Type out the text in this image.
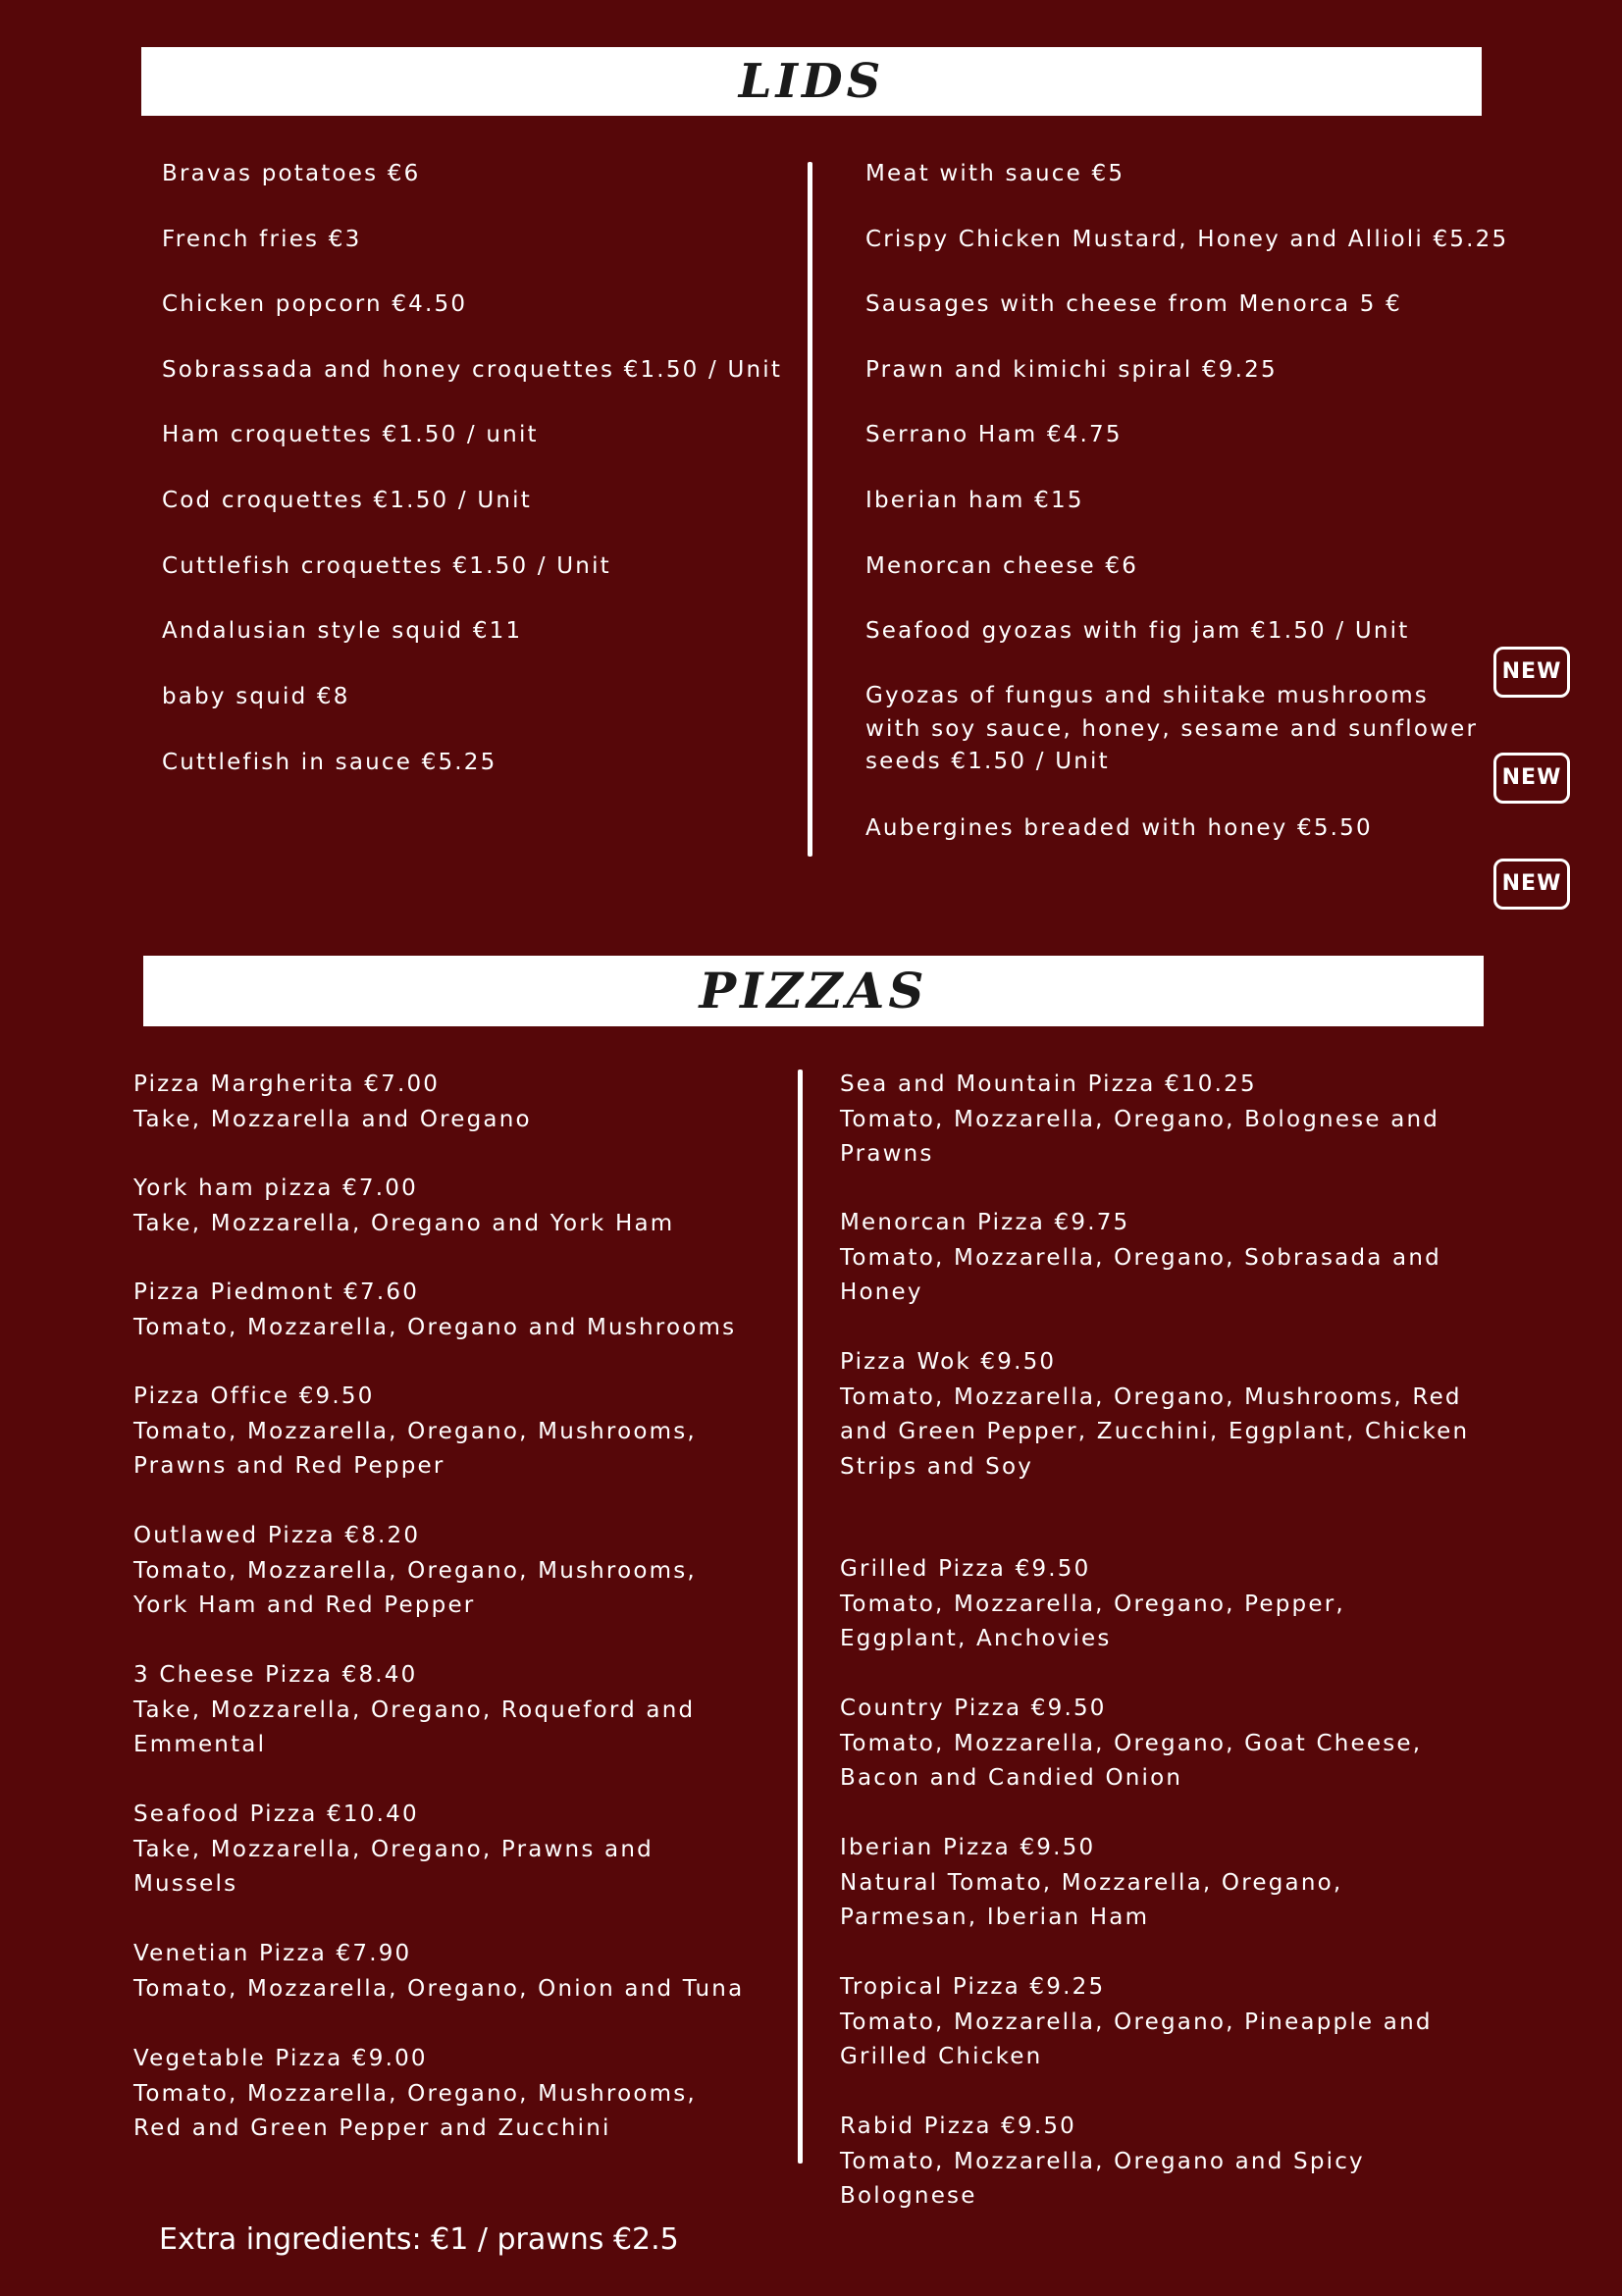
LIDS
Bravas potatoes €6
French fries €3
Chicken popcorn €4.50
Sobrassada and honey croquettes €1.50 / Unit
Ham croquettes €1.50 / unit
Cod croquettes €1.50 / Unit
Cuttlefish croquettes €1.50 / Unit
Andalusian style squid €11
baby squid €8
Cuttlefish in sauce €5.25
Meat with sauce €5
Crispy Chicken Mustard, Honey and Allioli €5.25
Sausages with cheese from Menorca 5 €
Prawn and kimichi spiral €9.25
Serrano Ham €4.75
Iberian ham €15
Menorcan cheese €6
Seafood gyozas with fig jam €1.50 / Unit
Gyozas of fungus and shiitake mushrooms with soy sauce, honey, sesame and sunflower seeds €1.50 / Unit
Aubergines breaded with honey €5.50
NEW
NEW
NEW
PIZZAS
Pizza Margherita €7.00
Take, Mozzarella and Oregano
York ham pizza €7.00
Take, Mozzarella, Oregano and York Ham
Pizza Piedmont €7.60
Tomato, Mozzarella, Oregano and Mushrooms
Pizza Office €9.50
Tomato, Mozzarella, Oregano, Mushrooms,
Prawns and Red Pepper
Outlawed Pizza €8.20
Tomato, Mozzarella, Oregano, Mushrooms,
York Ham and Red Pepper
3 Cheese Pizza €8.40
Take, Mozzarella, Oregano, Roqueford and
Emmental
Seafood Pizza €10.40
Take, Mozzarella, Oregano, Prawns and
Mussels
Venetian Pizza €7.90
Tomato, Mozzarella, Oregano, Onion and Tuna
Vegetable Pizza €9.00
Tomato, Mozzarella, Oregano, Mushrooms,
Red and Green Pepper and Zucchini
Sea and Mountain Pizza €10.25
Tomato, Mozzarella, Oregano, Bolognese and
Prawns
Menorcan Pizza €9.75
Tomato, Mozzarella, Oregano, Sobrasada and
Honey
Pizza Wok €9.50
Tomato, Mozzarella, Oregano, Mushrooms, Red
and Green Pepper, Zucchini, Eggplant, Chicken
Strips and Soy
Grilled Pizza €9.50
Tomato, Mozzarella, Oregano, Pepper,
Eggplant, Anchovies
Country Pizza €9.50
Tomato, Mozzarella, Oregano, Goat Cheese,
Bacon and Candied Onion
Iberian Pizza €9.50
Natural Tomato, Mozzarella, Oregano,
Parmesan, Iberian Ham
Tropical Pizza €9.25
Tomato, Mozzarella, Oregano, Pineapple and
Grilled Chicken
Rabid Pizza €9.50
Tomato, Mozzarella, Oregano and Spicy
Bolognese
Extra ingredients: €1 / prawns €2.5
